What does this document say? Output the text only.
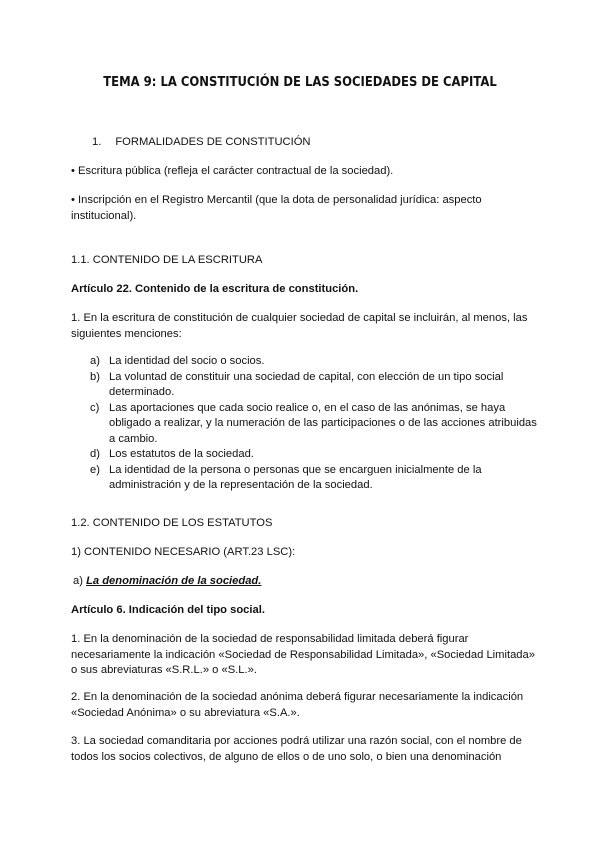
TEMA 9: LA CONSTITUCIÓN DE LAS SOCIEDADES DE CAPITAL
1. FORMALIDADES DE CONSTITUCIÓN

• Escritura pública (refleja el carácter contractual de la sociedad).

• Inscripción en el Registro Mercantil (que la dota de personalidad jurídica: aspecto institucional).

1.1. CONTENIDO DE LA ESCRITURA

Artículo 22. Contenido de la escritura de constitución.

1. En la escritura de constitución de cualquier sociedad de capital se incluirán, al menos, las siguientes menciones:

a) La identidad del socio o socios.
b) La voluntad de constituir una sociedad de capital, con elección de un tipo social determinado.
c) Las aportaciones que cada socio realice o, en el caso de las anónimas, se haya obligado a realizar, y la numeración de las participaciones o de las acciones atribuidas a cambio.
d) Los estatutos de la sociedad.
e) La identidad de la persona o personas que se encarguen inicialmente de la administración y de la representación de la sociedad.

1.2. CONTENIDO DE LOS ESTATUTOS

1) CONTENIDO NECESARIO (ART.23 LSC):

a) La denominación de la sociedad.

Artículo 6. Indicación del tipo social.

1. En la denominación de la sociedad de responsabilidad limitada deberá figurar necesariamente la indicación «Sociedad de Responsabilidad Limitada», «Sociedad Limitada» o sus abreviaturas «S.R.L.» o «S.L.».

2. En la denominación de la sociedad anónima deberá figurar necesariamente la indicación «Sociedad Anónima» o su abreviatura «S.A.».

3. La sociedad comanditaria por acciones podrá utilizar una razón social, con el nombre de todos los socios colectivos, de alguno de ellos o de uno solo, o bien una denominación
